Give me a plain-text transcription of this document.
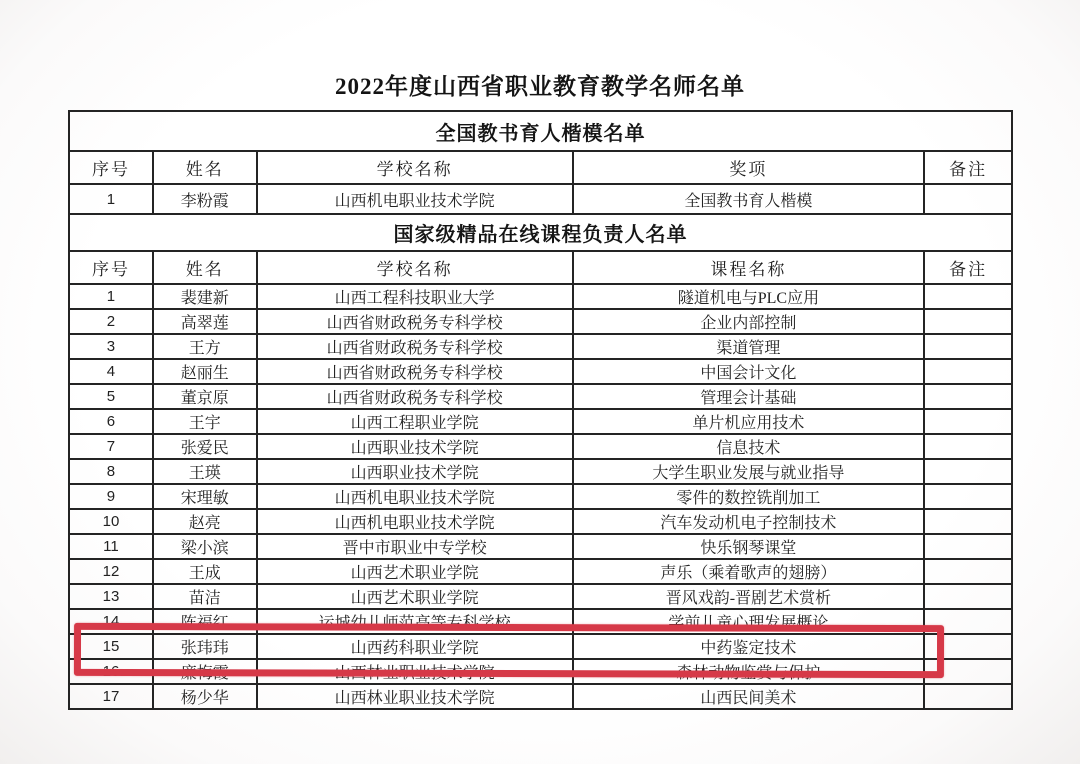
2022年度山西省职业教育教学名师名单
全国教书育人楷模名单				
序号	姓名	学校名称	奖项	备注
1	李粉霞	山西机电职业技术学院	全国教书育人楷模	
国家级精品在线课程负责人名单				
序号	姓名	学校名称	课程名称	备注
1	裴建新	山西工程科技职业大学	隧道机电与PLC应用	
2	高翠莲	山西省财政税务专科学校	企业内部控制	
3	王方	山西省财政税务专科学校	渠道管理	
4	赵丽生	山西省财政税务专科学校	中国会计文化	
5	董京原	山西省财政税务专科学校	管理会计基础	
6	王宇	山西工程职业学院	单片机应用技术	
7	张爱民	山西职业技术学院	信息技术	
8	王瑛	山西职业技术学院	大学生职业发展与就业指导	
9	宋理敏	山西机电职业技术学院	零件的数控铣削加工	
10	赵亮	山西机电职业技术学院	汽车发动机电子控制技术	
11	梁小滨	晋中市职业中专学校	快乐钢琴课堂	
12	王成	山西艺术职业学院	声乐（乘着歌声的翅膀）	
13	苗洁	山西艺术职业学院	晋风戏韵-晋剧艺术赏析	
14	陈福红	运城幼儿师范高等专科学校	学前儿童心理发展概论	
15	张玮玮	山西药科职业学院	中药鉴定技术	
16	廉梅霞	山西林业职业技术学院	森林动物鉴赏与保护	
17	杨少华	山西林业职业技术学院	山西民间美术	
